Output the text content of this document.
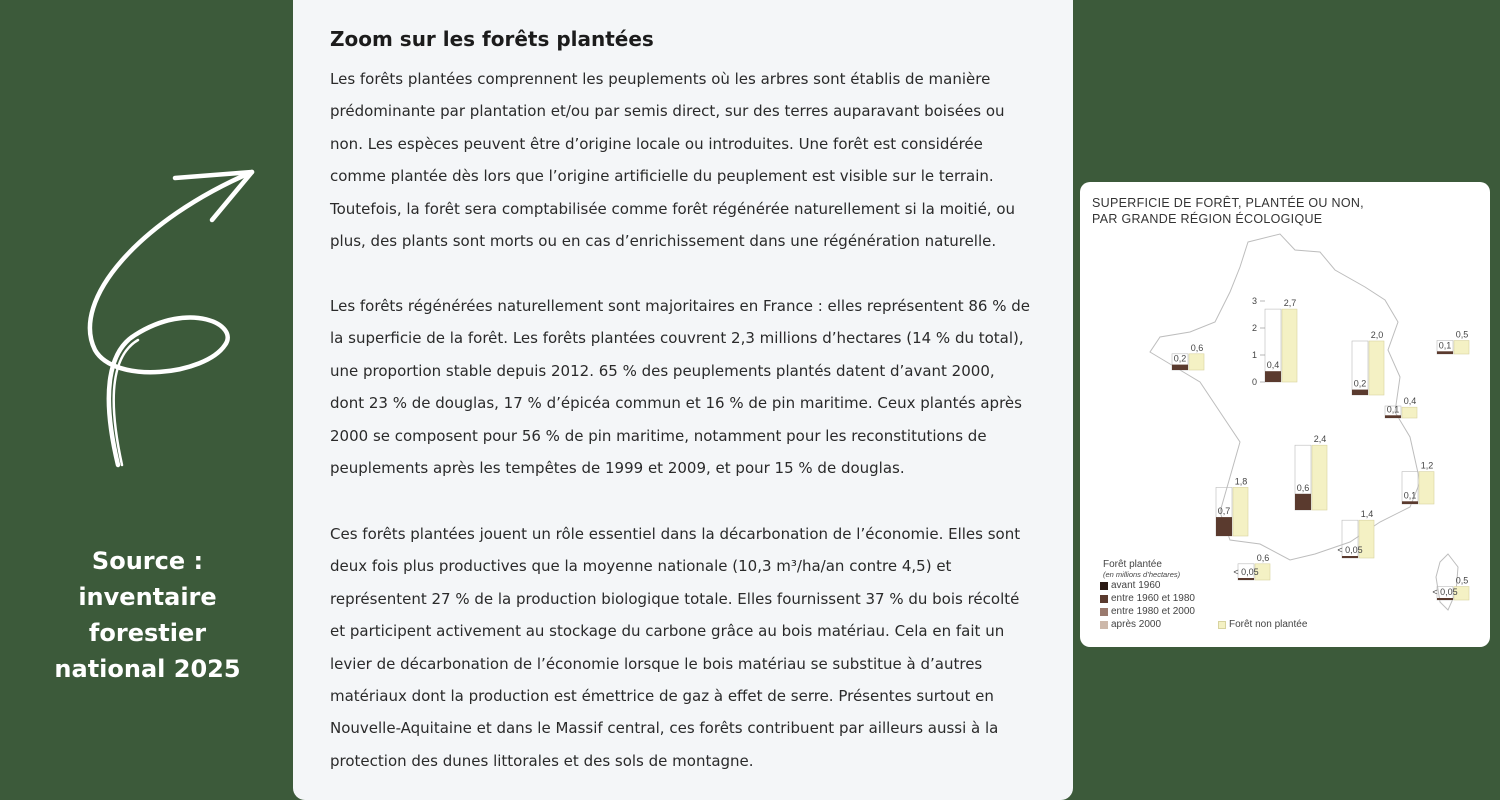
Source : inventaire forestier national 2025
Zoom sur les forêts plantées

Les forêts plantées comprennent les peuplements où les arbres sont établis de manière prédominante par plantation et/ou par semis direct, sur des terres auparavant boisées ou non. Les espèces peuvent être d’origine locale ou introduites. Une forêt est considérée comme plantée dès lors que l’origine artificielle du peuplement est visible sur le terrain. Toutefois, la forêt sera comptabilisée comme forêt régénérée naturellement si la moitié, ou plus, des plants sont morts ou en cas d’enrichissement dans une régénération naturelle.

Les forêts régénérées naturellement sont majoritaires en France : elles représentent 86 % de la superficie de la forêt. Les forêts plantées couvrent 2,3 millions d’hectares (14 % du total), une proportion stable depuis 2012. 65 % des peuplements plantés datent d’avant 2000, dont 23 % de douglas, 17 % d’épicéa commun et 16 % de pin maritime. Ceux plantés après 2000 se composent pour 56 % de pin maritime, notamment pour les reconstitutions de peuplements après les tempêtes de 1999 et 2009, et pour 15 % de douglas.

Ces forêts plantées jouent un rôle essentiel dans la décarbonation de l’économie. Elles sont deux fois plus productives que la moyenne nationale (10,3 m³/ha/an contre 4,5) et représentent 27 % de la production biologique totale. Elles fournissent 37 % du bois récolté et participent activement au stockage du carbone grâce au bois matériau. Cela en fait un levier de décarbonation de l’économie lorsque le bois matériau se substitue à d’autres matériaux dont la production est émettrice de gaz à effet de serre. Présentes surtout en Nouvelle-Aquitaine et dans le Massif central, ces forêts contribuent par ailleurs aussi à la protection des dunes littorales et des sols de montagne.

0,2
0,6
0,4
2,7
0,2
2,0
0,1
0,5
0,1
0,4
0,6
2,4
0,7
1,8
0,1
1,2
< 0,05
1,4
< 0,05
0,6
< 0,05
0,5
0
1
2
3
SUPERFICIE DE FORÊT, PLANTÉE OU NON, PAR GRANDE RÉGION ÉCOLOGIQUE
Forêt plantée
(en millions d’hectares)
avant 1960
entre 1960 et 1980
entre 1980 et 2000
après 2000	Forêt non plantée
